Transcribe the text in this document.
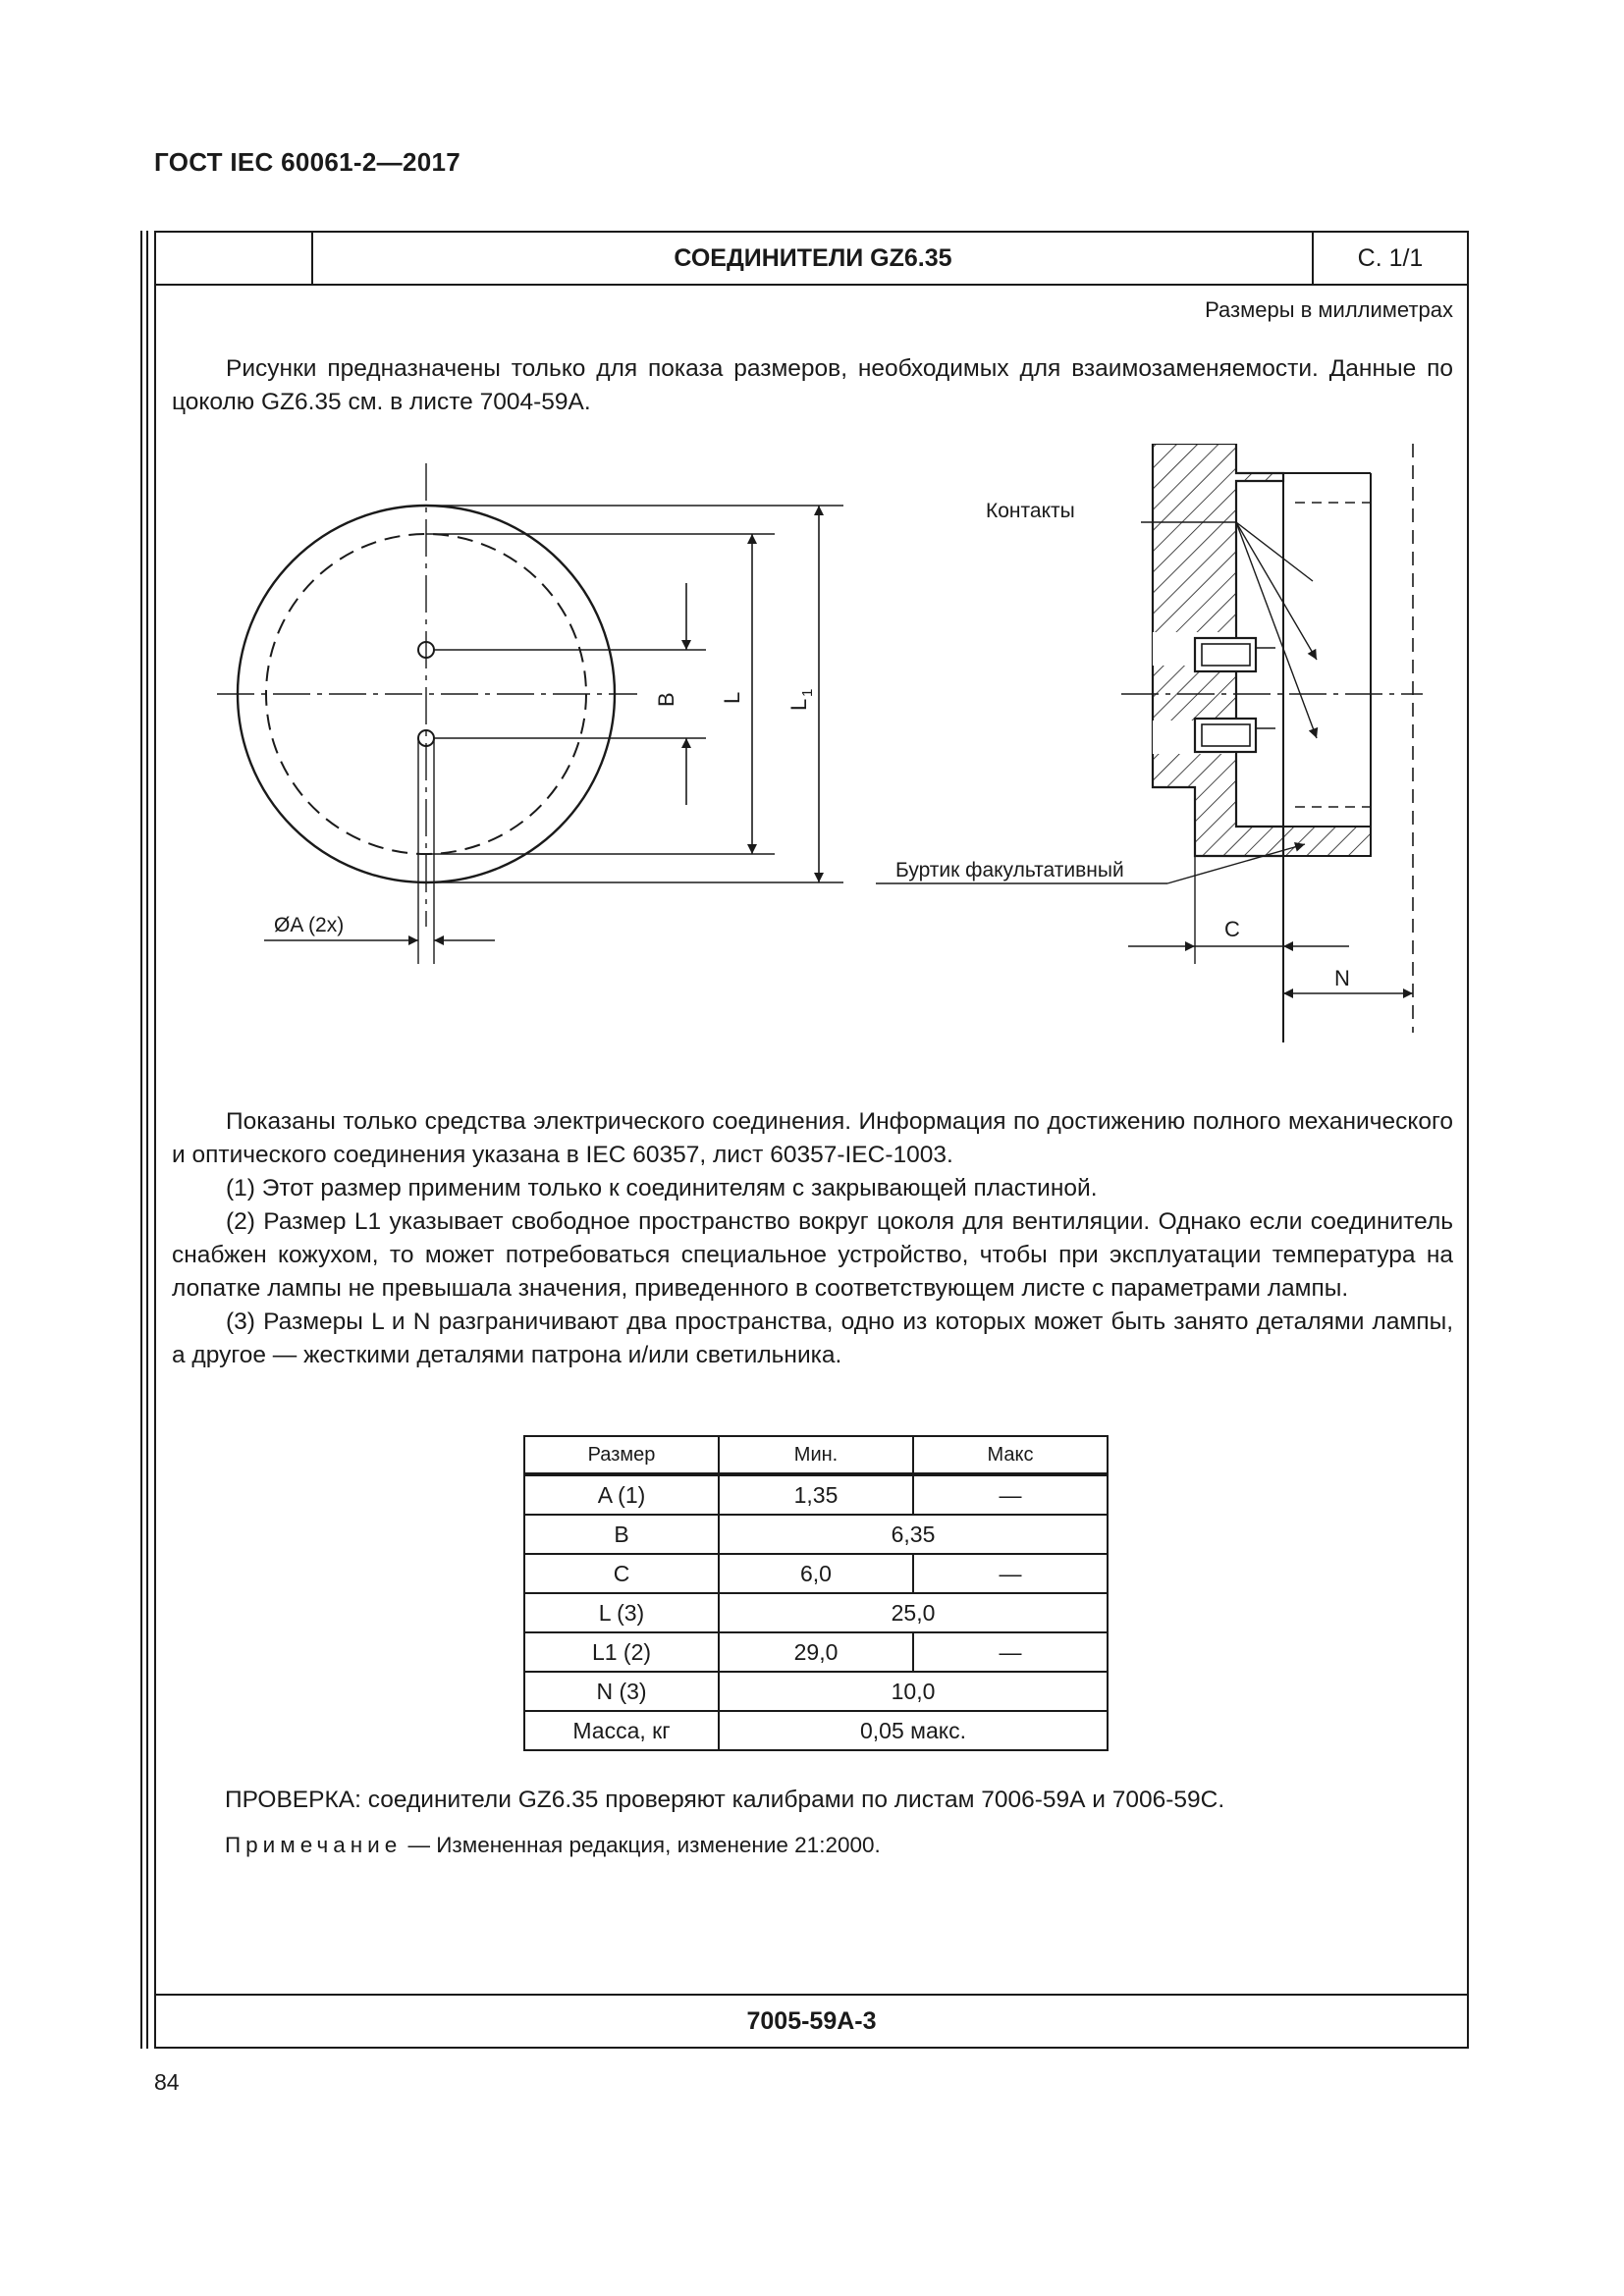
ГОСТ IEC 60061-2—2017
СОЕДИНИТЕЛИ GZ6.35	С. 1/1
Размеры в миллиметрах

Рисунки предназначены только для показа размеров, необходимых для взаимозаменяемости. Данные по цоколю GZ6.35 см. в листе 7004-59А.

ØA (2x)
B L
L
1
Контакты
Буртик факультативный
C
N

Показаны только средства электрического соединения. Информация по достижению полного механического и оптического соединения указана в IEC 60357, лист 60357-IEC-1003.

(1) Этот размер применим только к соединителям с закрывающей пластиной.

(2) Размер L1 указывает свободное пространство вокруг цоколя для вентиляции. Однако если соединитель снабжен кожухом, то может потребоваться специальное устройство, чтобы при эксплуатации температура на лопатке лампы не превышала значения, приведенного в соответствующем листе с параметрами лампы.

(3) Размеры L и N разграничивают два пространства, одно из которых может быть занято деталями лампы, а другое — жесткими деталями патрона и/или светильника.

Размер	Мин.	Макс
A (1)	1,35	—
B	6,35	
C	6,0	—
L (3)	25,0	
L1 (2)	29,0	—
N (3)	10,0	
Масса, кг	0,05 макс.	
ПРОВЕРКА: соединители GZ6.35 проверяют калибрами по листам 7006-59А и 7006-59С.
Примечание — Измененная редакция, изменение 21:2000.
7005-59A-3
84
